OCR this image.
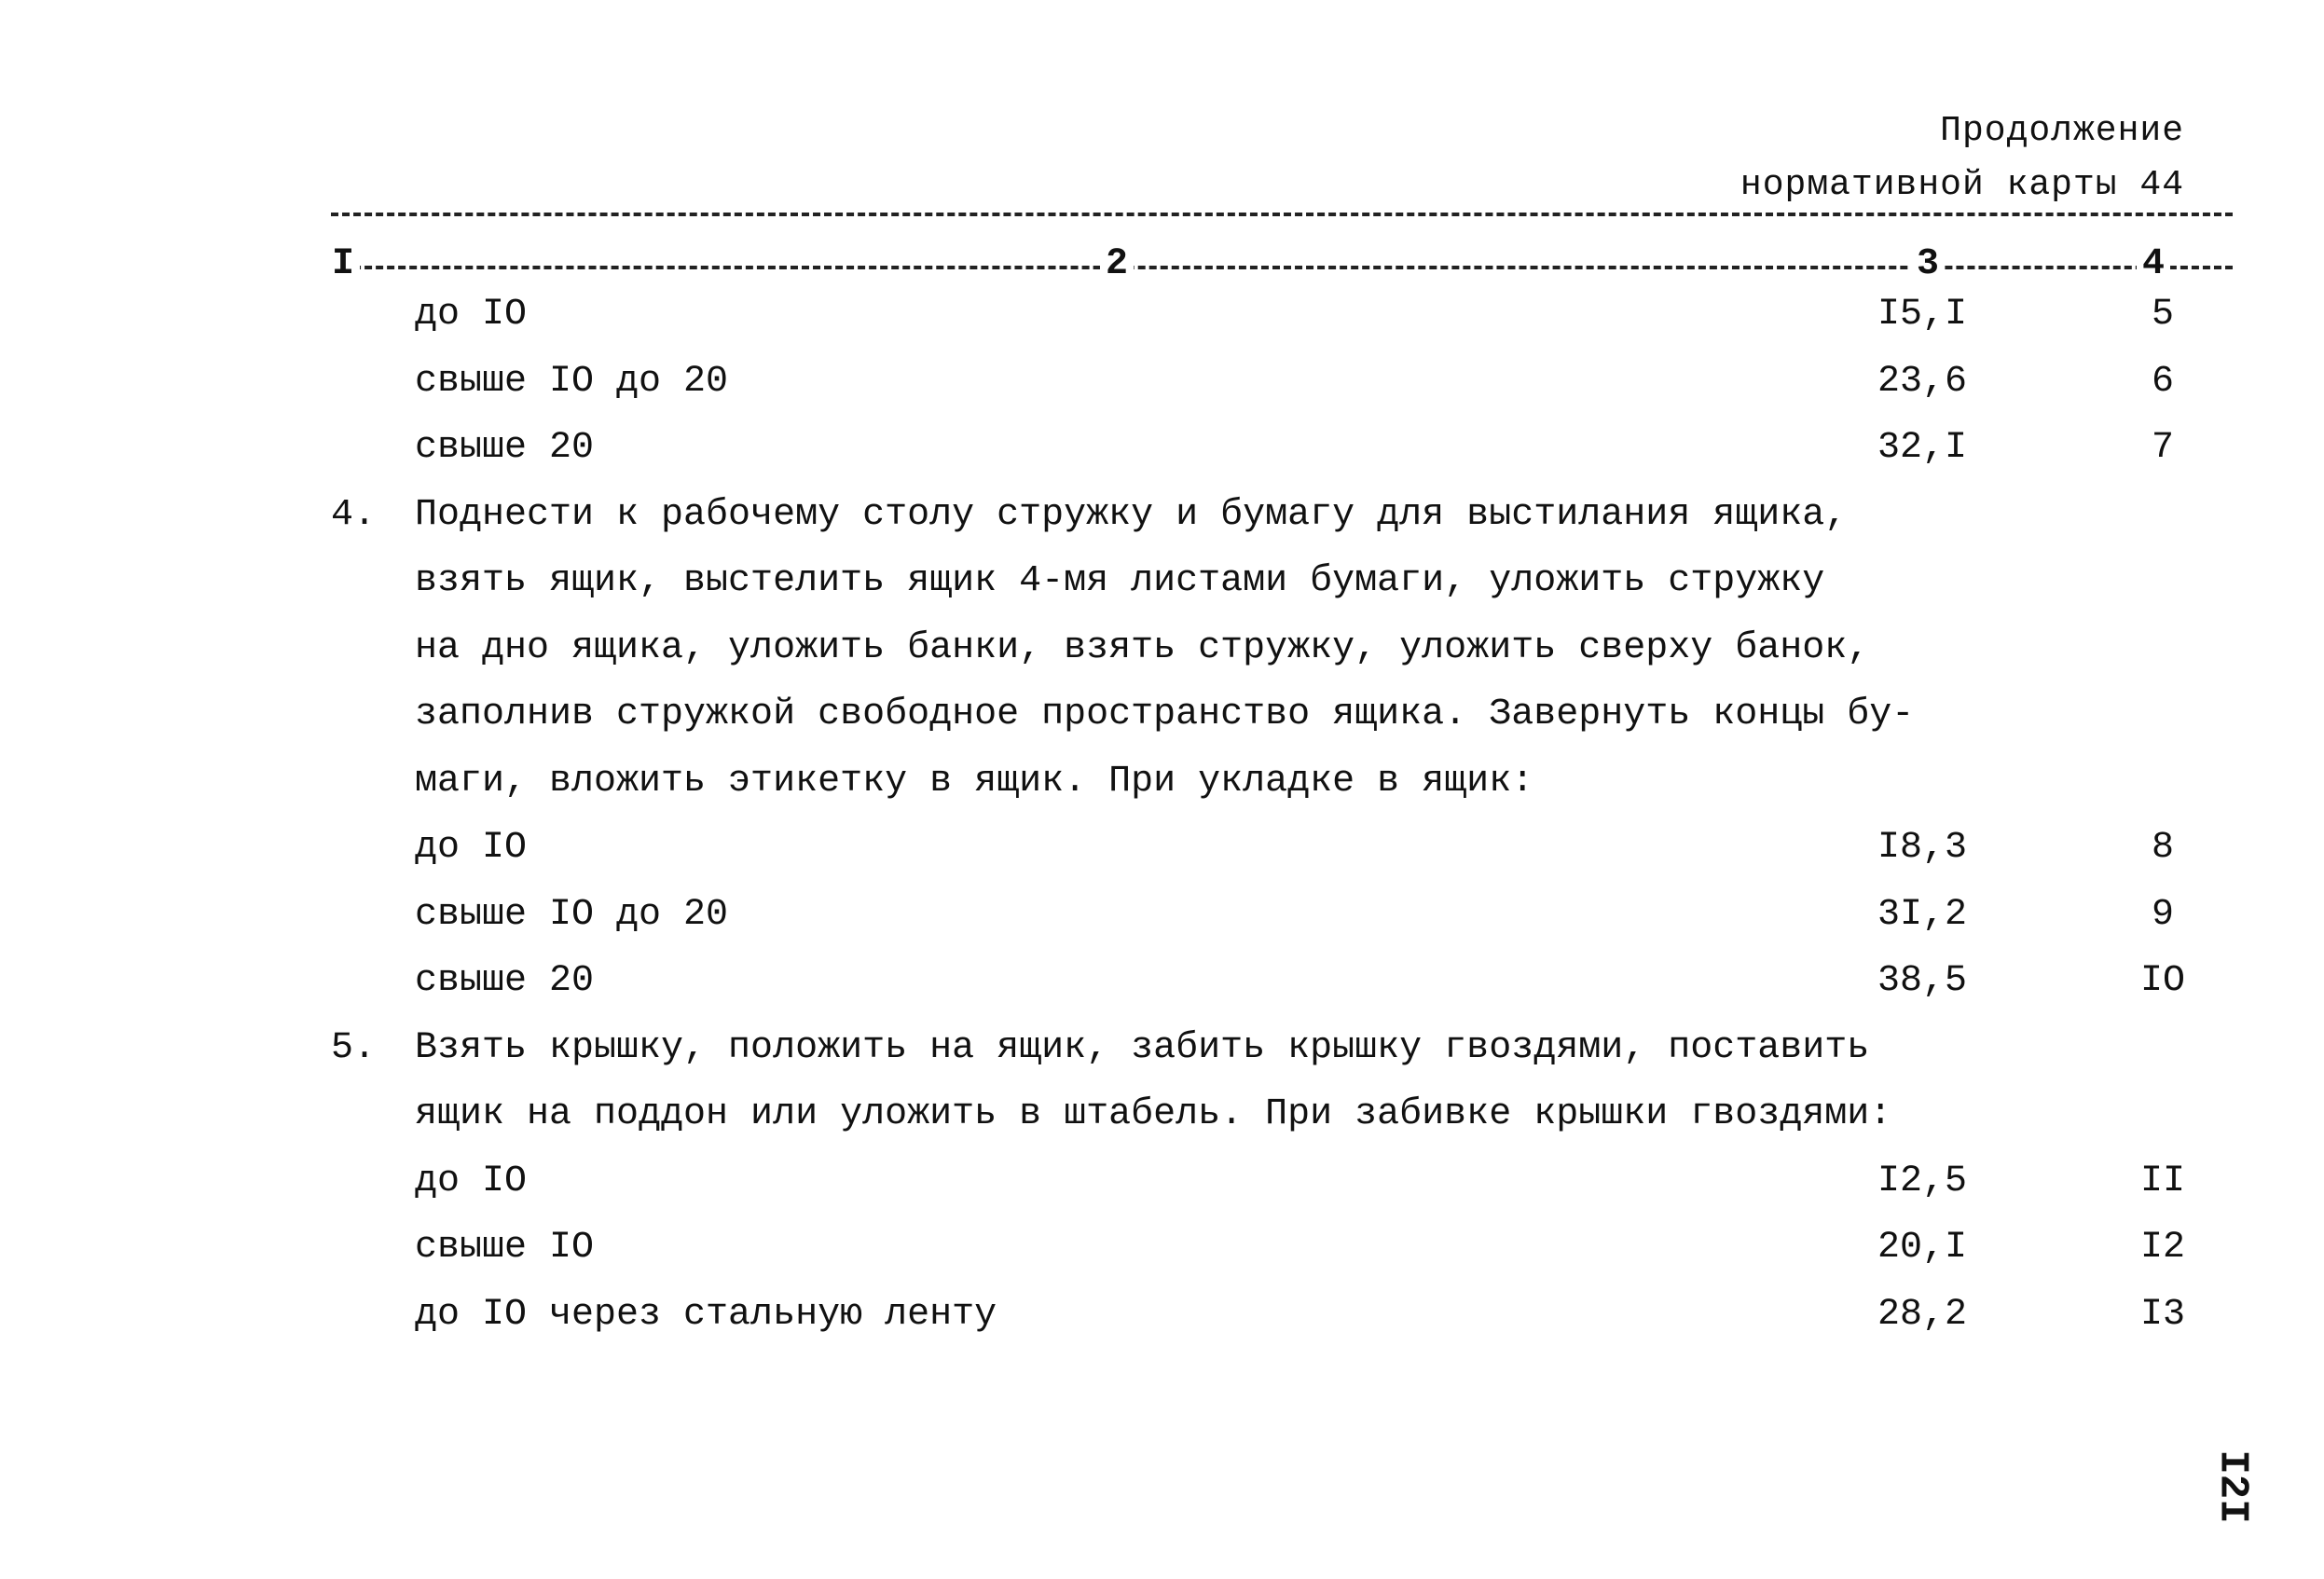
Продолжение
нормативной карты 44
I	2	3	4
до IO	I5,I	5
свыше IO до 20	23,6	6
свыше 20	32,I	7
4. Поднести к рабочему столу стружку и бумагу для выстилания ящика,
взять ящик, выстелить ящик 4-мя листами бумаги, уложить стружку
на дно ящика, уложить банки, взять стружку, уложить сверху банок,
заполнив стружкой свободное пространство ящика. Завернуть концы бу-
маги, вложить этикетку в ящик. При укладке в ящик:
до IO	I8,3	8
свыше IO до 20	3I,2	9
свыше 20	38,5	IO
5. Взять крышку, положить на ящик, забить крышку гвоздями, поставить
ящик на поддон или уложить в штабель. При забивке крышки гвоздями:
до IO	I2,5	II
свыше IO	20,I	I2
до IO через стальную ленту	28,2	I3
I2I
